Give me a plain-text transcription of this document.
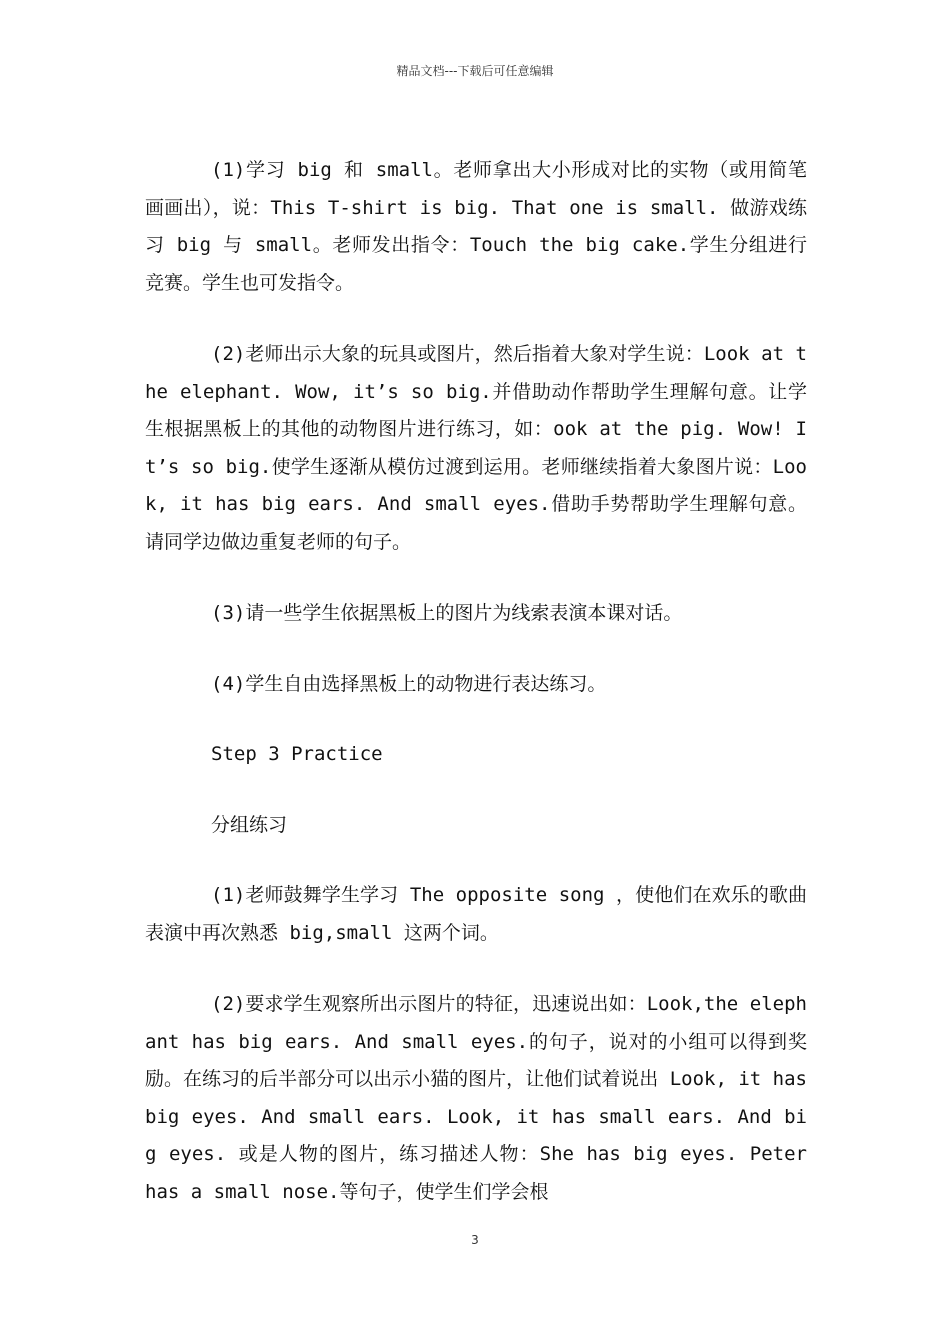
精品文档---下载后可任意编辑

(1)学习 big 和 small。老师拿出大小形成对比的实物（或用简笔画画出），说：This T-shirt is big. That one is small. 做游戏练习 big 与 small。老师发出指令：Touch the big cake.学生分组进行竞赛。学生也可发指令。

(2)老师出示大象的玩具或图片，然后指着大象对学生说：Look at the elephant. Wow, it’s so big.并借助动作帮助学生理解句意。让学生根据黑板上的其他的动物图片进行练习，如：ook at the pig. Wow! It’s so big.使学生逐渐从模仿过渡到运用。老师继续指着大象图片说：Look, it has big ears. And small eyes.借助手势帮助学生理解句意。请同学边做边重复老师的句子。

(3)请一些学生依据黑板上的图片为线索表演本课对话。

(4)学生自由选择黑板上的动物进行表达练习。

Step 3 Practice

分组练习

(1)老师鼓舞学生学习 The opposite song ，使他们在欢乐的歌曲表演中再次熟悉 big,small 这两个词。

(2)要求学生观察所出示图片的特征，迅速说出如：Look,the elephant has big ears. And small eyes.的句子，说对的小组可以得到奖励。在练习的后半部分可以出示小猫的图片，让他们试着说出 Look, it has big eyes. And small ears. Look, it has small ears. And big eyes. 或是人物的图片，练习描述人物：She has big eyes. Peter has a small nose.等句子，使学生们学会根

3
